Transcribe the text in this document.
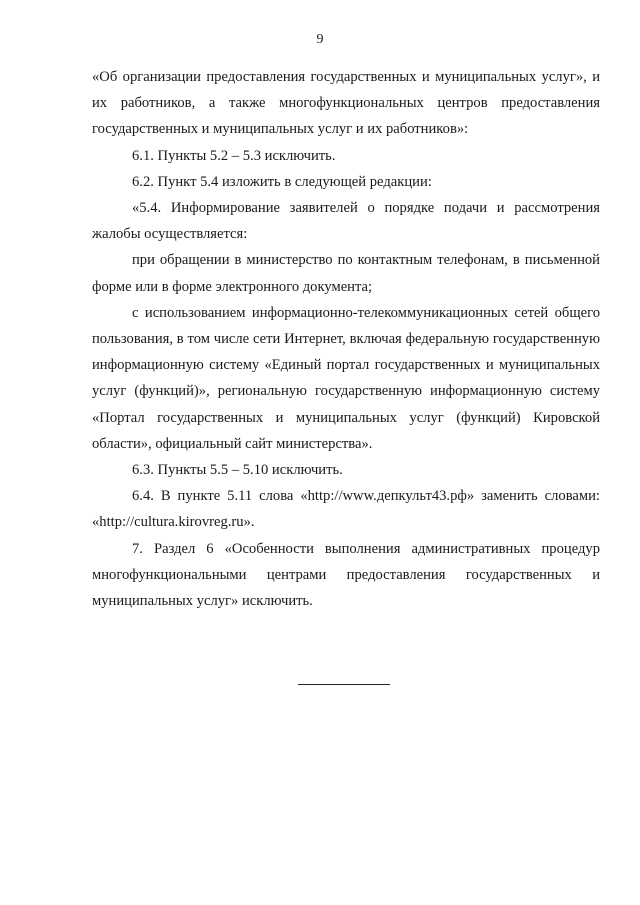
9

«Об организации предоставления государственных и муниципальных услуг», и их работников, а также многофункциональных центров предоставления государственных и муниципальных услуг и их работников»:

6.1. Пункты 5.2 – 5.3 исключить.

6.2. Пункт 5.4 изложить в следующей редакции:

«5.4. Информирование заявителей о порядке подачи и рассмотрения жалобы осуществляется:

при обращении в министерство по контактным телефонам, в письменной форме или в форме электронного документа;

с использованием информационно-телекоммуникационных сетей общего пользования, в том числе сети Интернет, включая федеральную государственную информационную систему «Единый портал государственных и муниципальных услуг (функций)», региональную государственную информационную систему «Портал государственных и муниципальных услуг (функций) Кировской области», официальный сайт министерства».

6.3. Пункты 5.5 – 5.10 исключить.

6.4. В пункте 5.11 слова «http://www.депкульт43.рф» заменить словами: «http://cultura.kirovreg.ru».

7. Раздел 6 «Особенности выполнения административных процедур многофункциональными центрами предоставления государственных и муниципальных услуг» исключить.
